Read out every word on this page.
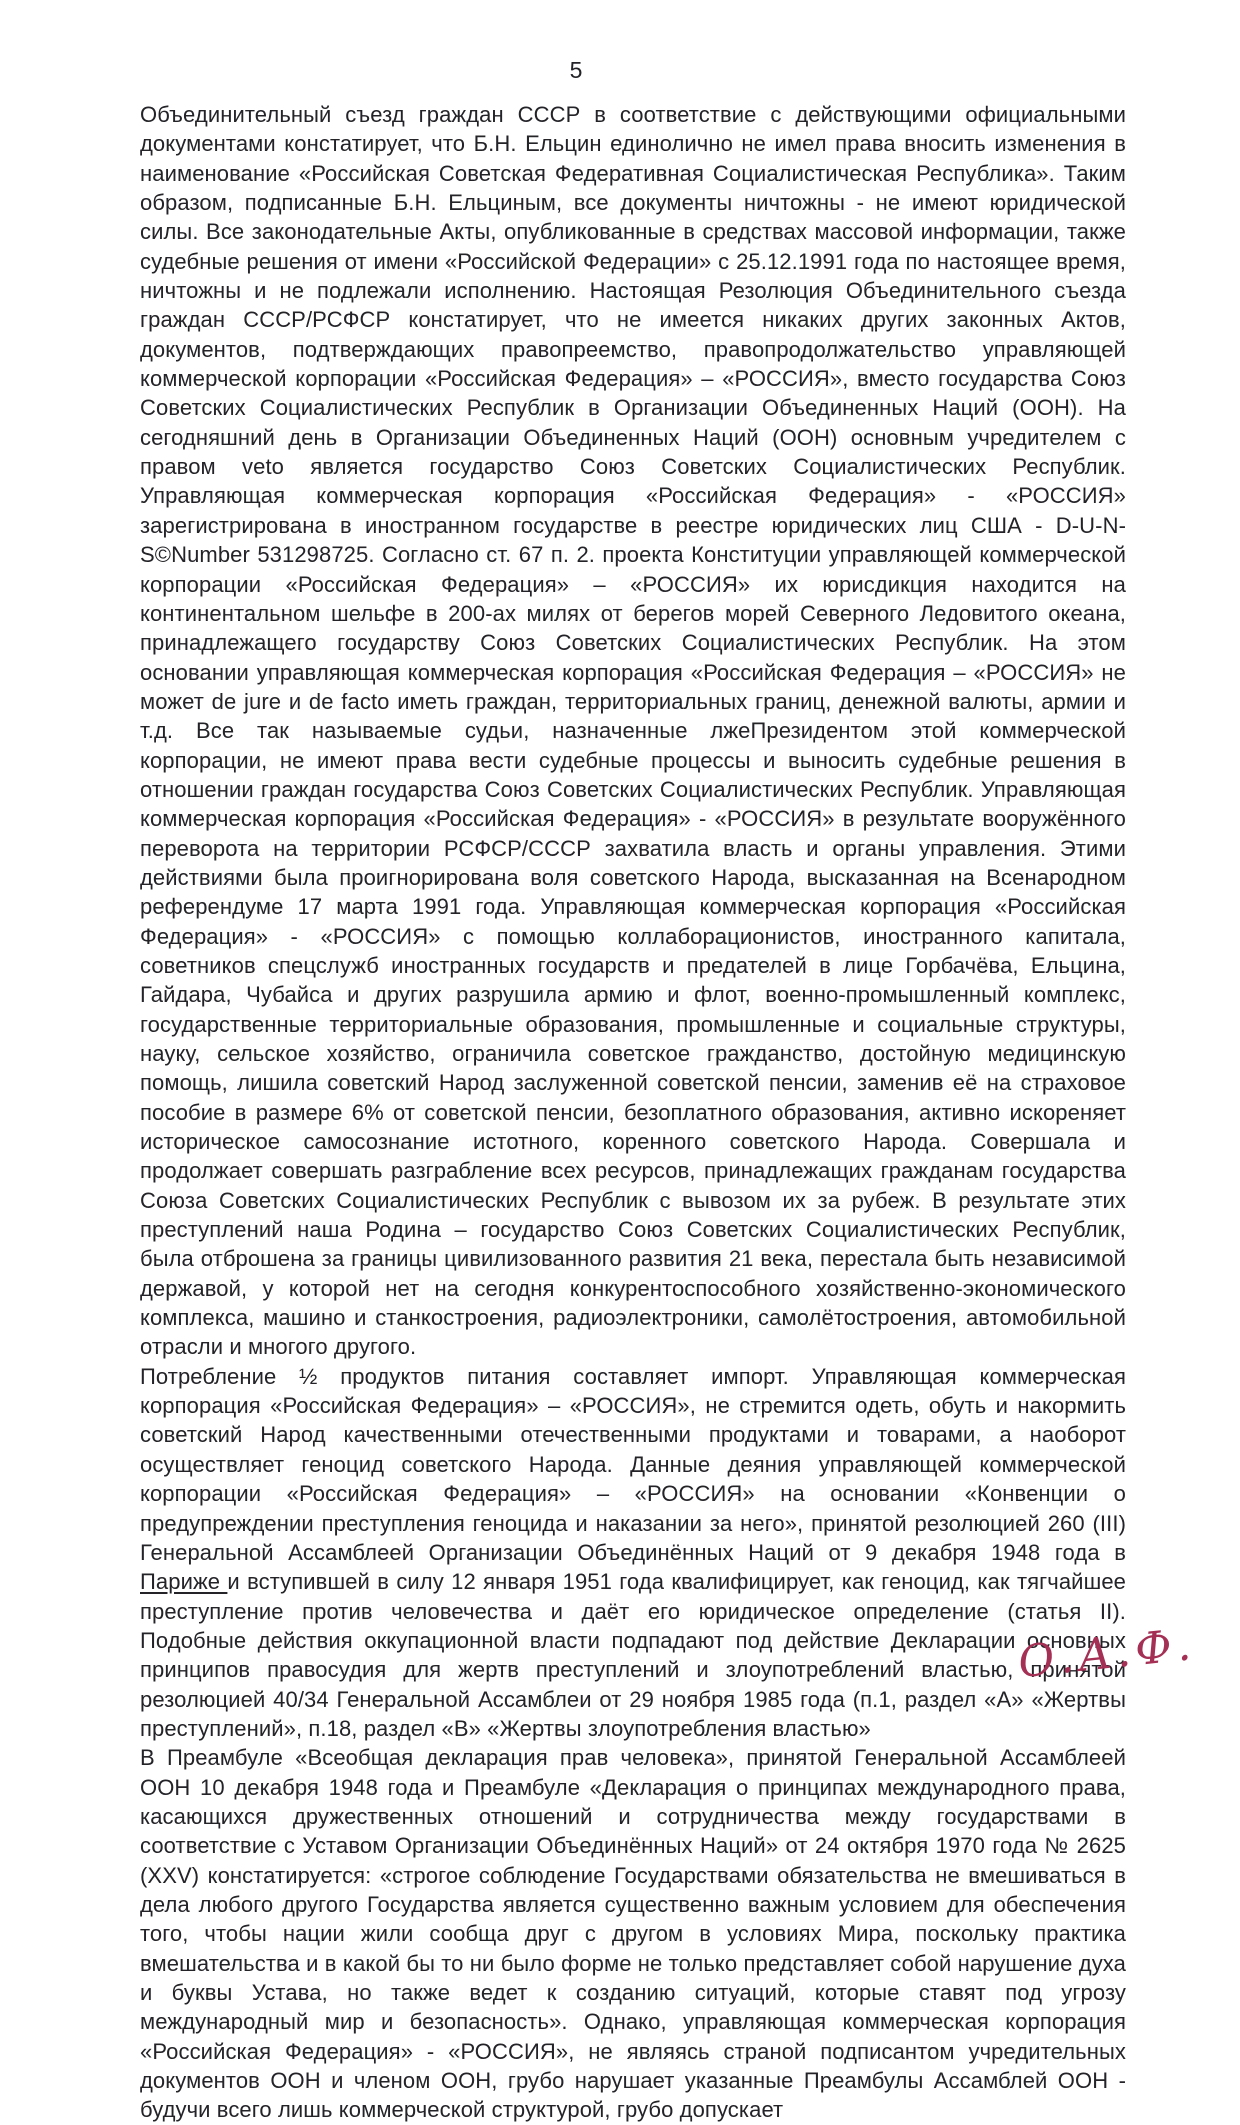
5

Объединительный съезд граждан СССР в соответствие с действующими официальными документами констатирует, что Б.Н. Ельцин единолично не имел права вносить изменения в наименование «Российская Советская Федеративная Социалистическая Республика». Таким образом, подписанные Б.Н. Ельциным, все документы ничтожны - не имеют юридической силы. Все законодательные Акты, опубликованные в средствах массовой информации, также судебные решения от имени «Российской Федерации» с 25.12.1991 года по настоящее время, ничтожны и не подлежали исполнению. Настоящая Резолюция Объединительного съезда граждан СССР/РСФСР констатирует, что не имеется никаких других законных Актов, документов, подтверждающих правопреемство, правопродолжательство управляющей коммерческой корпорации «Российская Федерация» – «РОССИЯ», вместо государства Союз Советских Социалистических Республик в Организации Объединенных Наций (ООН). На сегодняшний день в Организации Объединенных Наций (ООН) основным учредителем с правом veto является государство Союз Советских Социалистических Республик. Управляющая коммерческая корпорация «Российская Федерация» - «РОССИЯ» зарегистрирована в иностранном государстве в реестре юридических лиц США - D-U-N-S©Number 531298725. Согласно ст. 67 п. 2. проекта Конституции управляющей коммерческой корпорации «Российская Федерация» – «РОССИЯ» их юрисдикция находится на континентальном шельфе в 200-ах милях от берегов морей Северного Ледовитого океана, принадлежащего государству Союз Советских Социалистических Республик. На этом основании управляющая коммерческая корпорация «Российская Федерация – «РОССИЯ» не может de jure и de facto иметь граждан, территориальных границ, денежной валюты, армии и т.д. Все так называемые судьи, назначенные лжеПрезидентом этой коммерческой корпорации, не имеют права вести судебные процессы и выносить судебные решения в отношении граждан государства Союз Советских Социалистических Республик. Управляющая коммерческая корпорация «Российская Федерация» - «РОССИЯ» в результате вооружённого переворота на территории РСФСР/СССР захватила власть и органы управления. Этими действиями была проигнорирована воля советского Народа, высказанная на Всенародном референдуме 17 марта 1991 года. Управляющая коммерческая корпорация «Российская Федерация» - «РОССИЯ» с помощью коллаборационистов, иностранного капитала, советников спецслужб иностранных государств и предателей в лице Горбачёва, Ельцина, Гайдара, Чубайса и других разрушила армию и флот, военно-промышленный комплекс, государственные территориальные образования, промышленные и социальные структуры, науку, сельское хозяйство, ограничила советское гражданство, достойную медицинскую помощь, лишила советский Народ заслуженной советской пенсии, заменив её на страховое пособие в размере 6% от советской пенсии, безоплатного образования, активно искореняет историческое самосознание истотного, коренного советского Народа. Совершала и продолжает совершать разграбление всех ресурсов, принадлежащих гражданам государства Союза Советских Социалистических Республик с вывозом их за рубеж. В результате этих преступлений наша Родина – государство Союз Советских Социалистических Республик, была отброшена за границы цивилизованного развития 21 века, перестала быть независимой державой, у которой нет на сегодня конкурентоспособного хозяйственно-экономического комплекса, машино и станкостроения, радиоэлектроники, самолётостроения, автомобильной отрасли и многого другого.

Потребление ½ продуктов питания составляет импорт. Управляющая коммерческая корпорация «Российская Федерация» – «РОССИЯ», не стремится одеть, обуть и накормить советский Народ качественными отечественными продуктами и товарами, а наоборот осуществляет геноцид советского Народа. Данные деяния управляющей коммерческой корпорации «Российская Федерация» – «РОССИЯ» на основании «Конвенции о предупреждении преступления геноцида и наказании за него», принятой резолюцией 260 (III) Генеральной Ассамблеей Организации Объединённых Наций от 9 декабря 1948 года в Париже и вступившей в силу 12 января 1951 года квалифицирует, как геноцид, как тягчайшее преступление против человечества и даёт его юридическое определение (статья II). Подобные действия оккупационной власти подпадают под действие Декларации основных принципов правосудия для жертв преступлений и злоупотреблений властью, принятой резолюцией 40/34 Генеральной Ассамблеи от 29 ноября 1985 года (п.1, раздел «А» «Жертвы преступлений», п.18, раздел «В» «Жертвы злоупотребления властью»

В Преамбуле «Всеобщая декларация прав человека», принятой Генеральной Ассамблеей ООН 10 декабря 1948 года и Преамбуле «Декларация о принципах международного права, касающихся дружественных отношений и сотрудничества между государствами в соответствие с Уставом Организации Объединённых Наций» от 24 октября 1970 года № 2625 (XXV) констатируется: «строгое соблюдение Государствами обязательства не вмешиваться в дела любого другого Государства является существенно важным условием для обеспечения того, чтобы нации жили сообща друг с другом в условиях Мира, поскольку практика вмешательства и в какой бы то ни было форме не только представляет собой нарушение духа и буквы Устава, но также ведет к созданию ситуаций, которые ставят под угрозу международный мир и безопасность». Однако, управляющая коммерческая корпорация «Российская Федерация» - «РОССИЯ», не являясь страной подписантом учредительных документов ООН и членом ООН, грубо нарушает указанные Преамбулы Ассамблей ООН - будучи всего лишь коммерческой структурой, грубо допускает

О.А.Ф.
